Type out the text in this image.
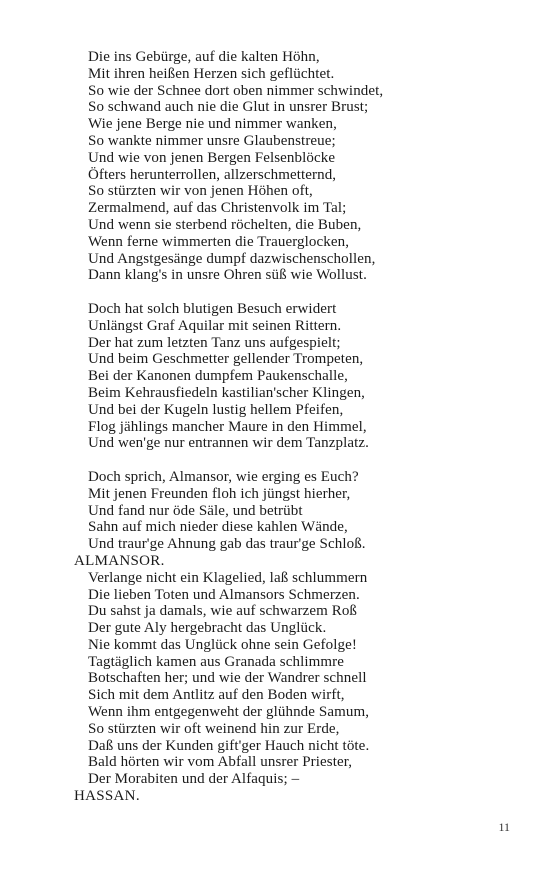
Die ins Gebürge, auf die kalten Höhn,
Mit ihren heißen Herzen sich geflüchtet.
So wie der Schnee dort oben nimmer schwindet,
So schwand auch nie die Glut in unsrer Brust;
Wie jene Berge nie und nimmer wanken,
So wankte nimmer unsre Glaubenstreue;
Und wie von jenen Bergen Felsenblöcke
Öfters herunterrollen, allzerschmetternd,
So stürzten wir von jenen Höhen oft,
Zermalmend, auf das Christenvolk im Tal;
Und wenn sie sterbend röchelten, die Buben,
Wenn ferne wimmerten die Trauerglocken,
Und Angstgesänge dumpf dazwischenschollen,
Dann klang's in unsre Ohren süß wie Wollust.
Doch hat solch blutigen Besuch erwidert
Unlängst Graf Aquilar mit seinen Rittern.
Der hat zum letzten Tanz uns aufgespielt;
Und beim Geschmetter gellender Trompeten,
Bei der Kanonen dumpfem Paukenschalle,
Beim Kehrausfiedeln kastilian'scher Klingen,
Und bei der Kugeln lustig hellem Pfeifen,
Flog jählings mancher Maure in den Himmel,
Und wen'ge nur entrannen wir dem Tanzplatz.
Doch sprich, Almansor, wie erging es Euch?
Mit jenen Freunden floh ich jüngst hierher,
Und fand nur öde Säle, und betrübt
Sahn auf mich nieder diese kahlen Wände,
Und traur'ge Ahnung gab das traur'ge Schloß.
ALMANSOR.
Verlange nicht ein Klagelied, laß schlummern
Die lieben Toten und Almansors Schmerzen.
Du sahst ja damals, wie auf schwarzem Roß
Der gute Aly hergebracht das Unglück.
Nie kommt das Unglück ohne sein Gefolge!
Tagtäglich kamen aus Granada schlimmre
Botschaften her; und wie der Wandrer schnell
Sich mit dem Antlitz auf den Boden wirft,
Wenn ihm entgegenweht der glühnde Samum,
So stürzten wir oft weinend hin zur Erde,
Daß uns der Kunden gift'ger Hauch nicht töte.
Bald hörten wir vom Abfall unsrer Priester,
Der Morabiten und der Alfaquis; –
HASSAN.
11
